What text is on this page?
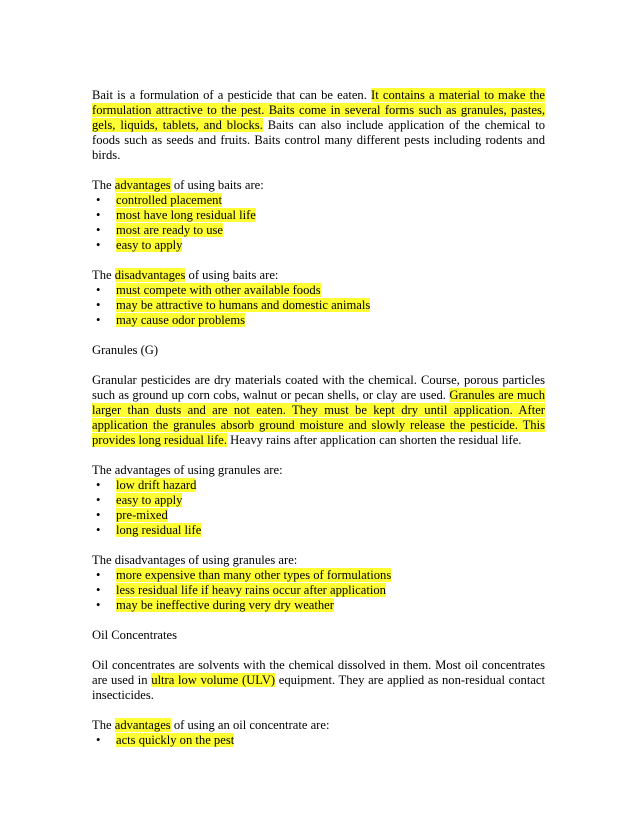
Bait is a formulation of a pesticide that can be eaten. It contains a material to make the formulation attractive to the pest. Baits come in several forms such as granules, pastes, gels, liquids, tablets, and blocks. Baits can also include application of the chemical to foods such as seeds and fruits. Baits control many different pests including rodents and birds.

The advantages of using baits are:

• controlled placement
• most have long residual life
• most are ready to use
• easy to apply

The disadvantages of using baits are:

• must compete with other available foods
• may be attractive to humans and domestic animals
• may cause odor problems

Granules (G)

Granular pesticides are dry materials coated with the chemical. Course, porous particles such as ground up corn cobs, walnut or pecan shells, or clay are used. Granules are much larger than dusts and are not eaten. They must be kept dry until application. After application the granules absorb ground moisture and slowly release the pesticide. This provides long residual life. Heavy rains after application can shorten the residual life.

The advantages of using granules are:

• low drift hazard
• easy to apply
• pre-mixed
• long residual life

The disadvantages of using granules are:

• more expensive than many other types of formulations
• less residual life if heavy rains occur after application
• may be ineffective during very dry weather

Oil Concentrates

Oil concentrates are solvents with the chemical dissolved in them. Most oil concentrates are used in ultra low volume (ULV) equipment. They are applied as non-residual contact insecticides.

The advantages of using an oil concentrate are:

• acts quickly on the pest
